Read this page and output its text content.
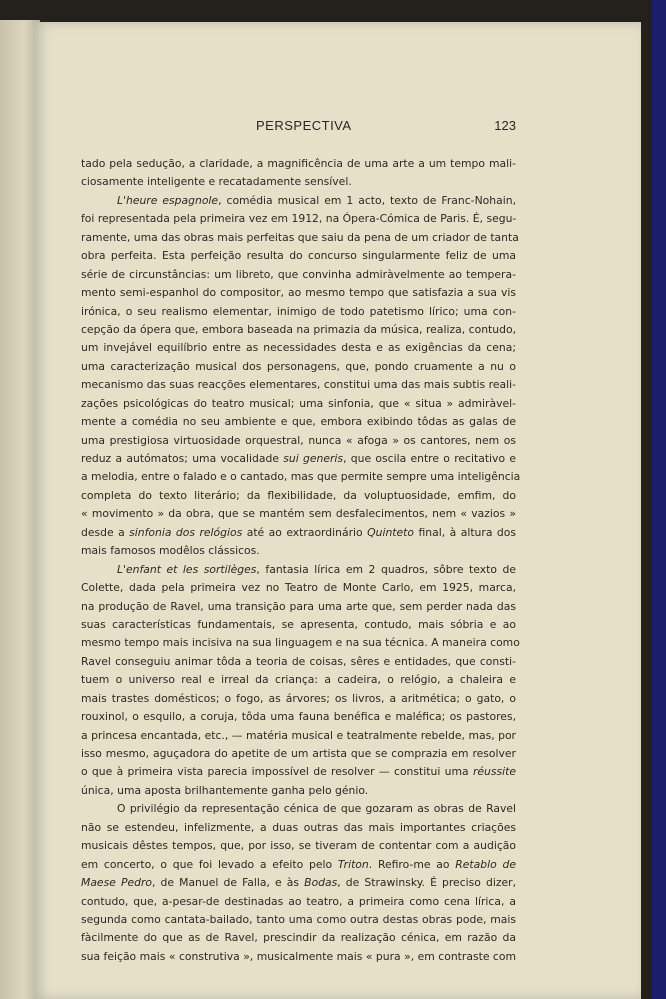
PERSPECTIVA	123
tado pela sedução, a claridade, a magnificência de uma arte a um tempo mali-
ciosamente inteligente e recatadamente sensível.
L'heure espagnole, comédia musical em 1 acto, texto de Franc-Nohain,
foi representada pela primeira vez em 1912, na Ópera-Cómica de Paris. É, segu-
ramente, uma das obras mais perfeitas que saiu da pena de um criador de tanta
obra perfeita. Esta perfeição resulta do concurso singularmente feliz de uma
série de circunstâncias: um libreto, que convinha admiràvelmente ao tempera-
mento semi-espanhol do compositor, ao mesmo tempo que satisfazia a sua vis
irónica, o seu realismo elementar, inimigo de todo patetismo lírico; uma con-
cepção da ópera que, embora baseada na primazia da música, realiza, contudo,
um invejável equilíbrio entre as necessidades desta e as exigências da cena;
uma caracterização musical dos personagens, que, pondo cruamente a nu o
mecanismo das suas reacções elementares, constitui uma das mais subtis reali-
zações psicológicas do teatro musical; uma sinfonia, que « situa » admiràvel-
mente a comédia no seu ambiente e que, embora exibindo tôdas as galas de
uma prestigiosa virtuosidade orquestral, nunca « afoga » os cantores, nem os
reduz a autómatos; uma vocalidade sui generis, que oscila entre o recitativo e
a melodia, entre o falado e o cantado, mas que permite sempre uma inteligência
completa do texto literário; da flexibilidade, da voluptuosidade, emfim, do
« movimento » da obra, que se mantém sem desfalecimentos, nem « vazios »
desde a sinfonia dos relógios até ao extraordinário Quinteto final, à altura dos
mais famosos modêlos clássicos.
L'enfant et les sortilèges, fantasia lírica em 2 quadros, sôbre texto de
Colette, dada pela primeira vez no Teatro de Monte Carlo, em 1925, marca,
na produção de Ravel, uma transição para uma arte que, sem perder nada das
suas características fundamentais, se apresenta, contudo, mais sóbria e ao
mesmo tempo mais incisiva na sua linguagem e na sua técnica. A maneira como
Ravel conseguiu animar tôda a teoria de coisas, sêres e entidades, que consti-
tuem o universo real e irreal da criança: a cadeira, o relógio, a chaleira e
mais trastes domésticos; o fogo, as árvores; os livros, a aritmética; o gato, o
rouxinol, o esquilo, a coruja, tôda uma fauna benéfica e maléfica; os pastores,
a princesa encantada, etc., — matéria musical e teatralmente rebelde, mas, por
isso mesmo, aguçadora do apetite de um artista que se comprazia em resolver
o que à primeira vista parecia impossível de resolver — constitui uma réussite
única, uma aposta brilhantemente ganha pelo génio.
O privilégio da representação cénica de que gozaram as obras de Ravel
não se estendeu, infelizmente, a duas outras das mais importantes criações
musicais dêstes tempos, que, por isso, se tiveram de contentar com a audição
em concerto, o que foi levado a efeito pelo Triton. Refiro-me ao Retablo de
Maese Pedro, de Manuel de Falla, e às Bodas, de Strawinsky. É preciso dizer,
contudo, que, a-pesar-de destinadas ao teatro, a primeira como cena lírica, a
segunda como cantata-bailado, tanto uma como outra destas obras pode, mais
fàcilmente do que as de Ravel, prescindir da realização cénica, em razão da
sua feição mais « construtiva », musicalmente mais « pura », em contraste com
